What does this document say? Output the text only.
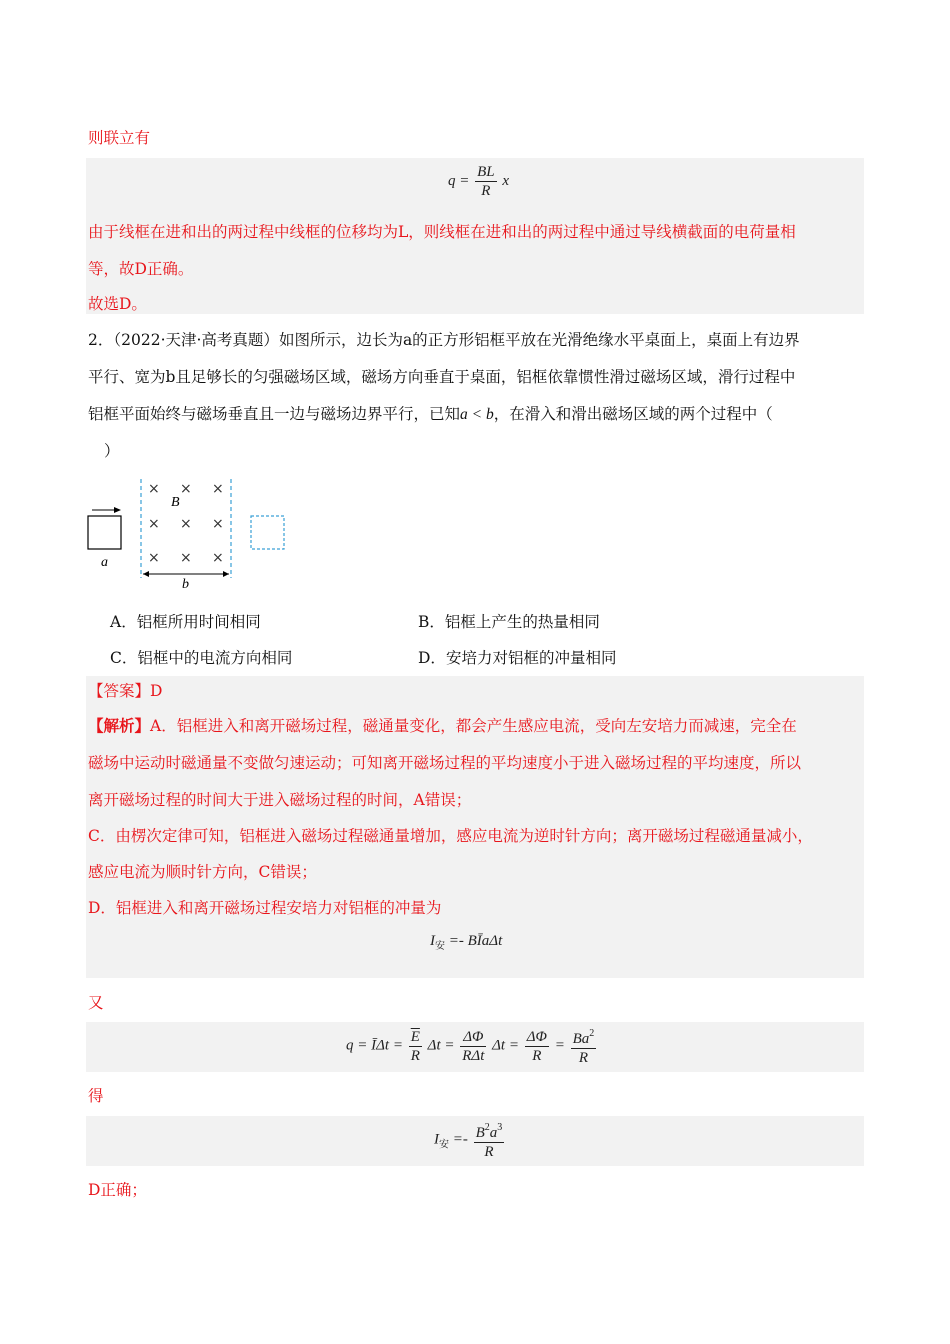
则联立有
$q = \frac{BL}{R}$ x
由于线框在进和出的两过程中线框的位移均为L，则线框在进和出的两过程中通过导线横截面的电荷量相
等，故D正确。
故选D。
2．（2022·天津·高考真题）如图所示，边长为a的正方形铝框平放在光滑绝缘水平桌面上，桌面上有边界
平行、宽为b且足够长的匀强磁场区域，磁场方向垂直于桌面，铝框依靠惯性滑过磁场区域，滑行过程中
铝框平面始终与磁场垂直且一边与磁场边界平行，已知a < b，在滑入和滑出磁场区域的两个过程中（
）
a
× × ×
× × ×
× × ×
B
b
A．铝框所用时间相同	B．铝框上产生的热量相同
C．铝框中的电流方向相同	D．安培力对铝框的冲量相同
【答案】D
【解析】A．铝框进入和离开磁场过程，磁通量变化，都会产生感应电流，受向左安培力而减速，完全在
磁场中运动时磁通量不变做匀速运动；可知离开磁场过程的平均速度小于进入磁场过程的平均速度，所以
离开磁场过程的时间大于进入磁场过程的时间，A错误；
C．由楞次定律可知，铝框进入磁场过程磁通量增加，感应电流为逆时针方向；离开磁场过程磁通量减小，
感应电流为顺时针方向，C错误；
D．铝框进入和离开磁场过程安培力对铝框的冲量为
$I_安$ =- BĪaΔt
又
q = ĪΔt = $\frac{\overline{E}}{R}$ $\Delta t = \frac{\Delta\Phi}{\text{RΔt}}$ $\Delta t = \frac{\Delta\Phi}{R} = \frac{Ba^2}{R}$
得
$I_安 =- \frac{B^2a^3}{R}$
D正确；
